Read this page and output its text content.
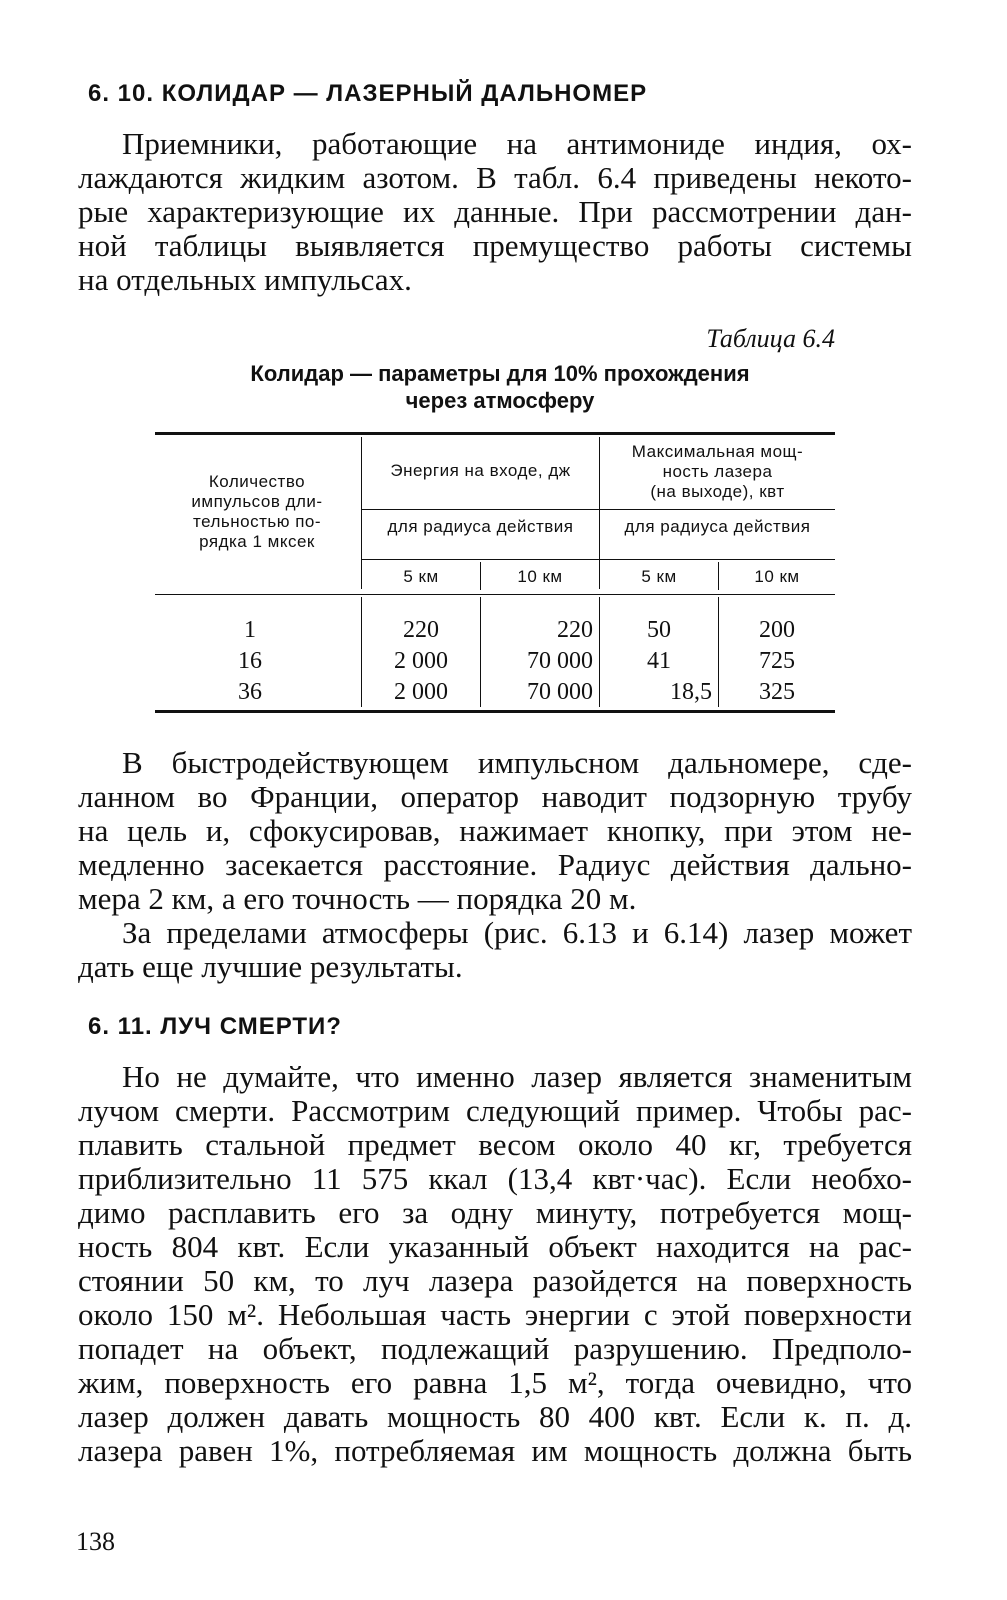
6. 10. КОЛИДАР — ЛАЗЕРНЫЙ ДАЛЬНОМЕР
Приемники, работающие на антимониде индия, ох-
лаждаются жидким азотом. В табл. 6.4 приведены некото-
рые характеризующие их данные. При рассмотрении дан-
ной таблицы выявляется премущество работы системы
на отдельных импульсах.
Таблица 6.4
Колидар — параметры для 10% прохождения
через атмосферу
Количество
импульсов дли-
тельностью по-
рядка 1 мксек
Энергия на входе, дж
Максимальная мощ-
ность лазера
(на выходе), квт
для радиуса действия	для радиуса действия
5 км	10 км	5 км	10 км
1	220	220	50	200
16	2 000	70 000	41	725
36	2 000	70 000	18,5	325
В быстродействующем импульсном дальномере, сде-
ланном во Франции, оператор наводит подзорную трубу
на цель и, сфокусировав, нажимает кнопку, при этом не-
медленно засекается расстояние. Радиус действия дально-
мера 2 км, а его точность — порядка 20 м.
За пределами атмосферы (рис. 6.13 и 6.14) лазер может
дать еще лучшие результаты.
6. 11. ЛУЧ СМЕРТИ?
Но не думайте, что именно лазер является знаменитым
лучом смерти. Рассмотрим следующий пример. Чтобы рас-
плавить стальной предмет весом около 40 кг, требуется
приблизительно 11 575 ккал (13,4 квт·час). Если необхо-
димо расплавить его за одну минуту, потребуется мощ-
ность 804 квт. Если указанный объект находится на рас-
стоянии 50 км, то луч лазера разойдется на поверхность
около 150 м². Небольшая часть энергии с этой поверхности
попадет на объект, подлежащий разрушению. Предполо-
жим, поверхность его равна 1,5 м², тогда очевидно, что
лазер должен давать мощность 80 400 квт. Если к. п. д.
лазера равен 1%, потребляемая им мощность должна быть
138
